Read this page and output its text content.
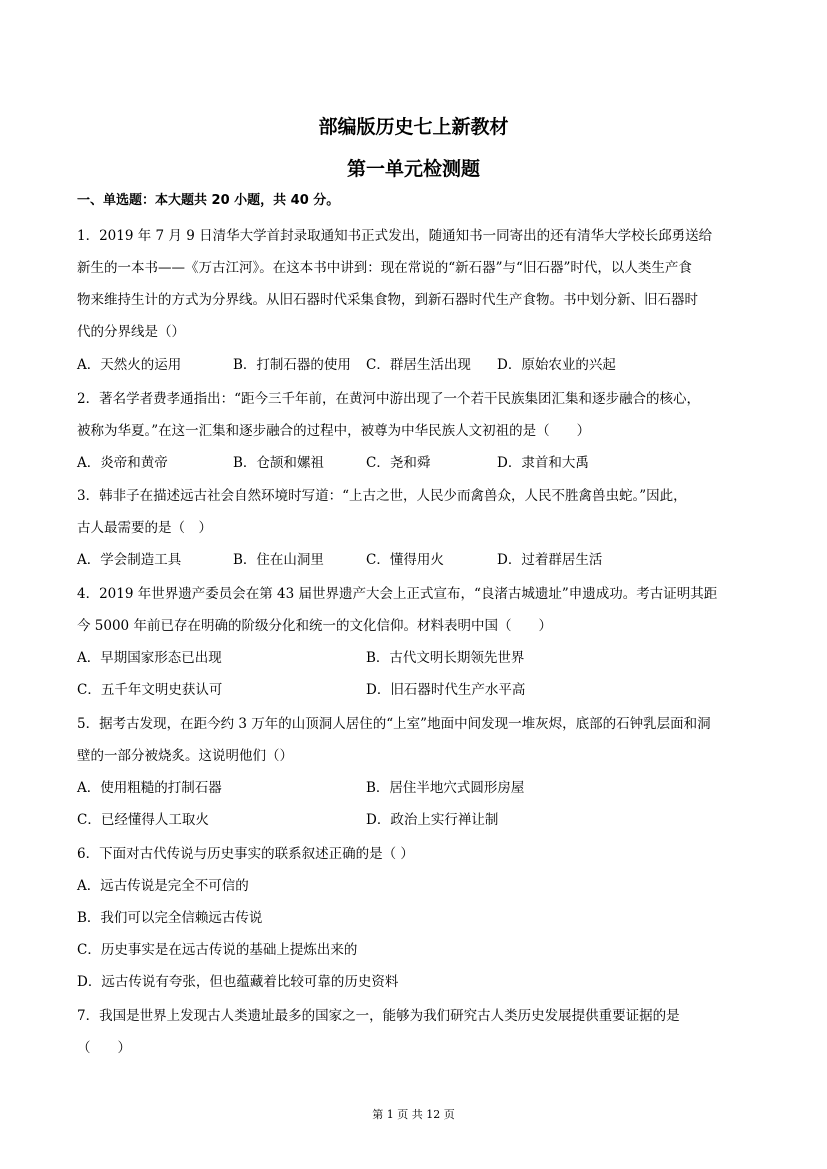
部编版历史七上新教材
第一单元检测题
一、单选题：本大题共 20 小题，共 40 分。
1．2019 年 7 月 9 日清华大学首封录取通知书正式发出，随通知书一同寄出的还有清华大学校长邱勇送给
新生的一本书——《万古江河》。在这本书中讲到：现在常说的“新石器”与“旧石器”时代，以人类生产食
物来维持生计的方式为分界线。从旧石器时代采集食物，到新石器时代生产食物。书中划分新、旧石器时
代的分界线是（）
A．天然火的运用	B．打制石器的使用 C．群居生活出现 D．原始农业的兴起
2．著名学者费孝通指出：“距今三千年前，在黄河中游出现了一个若干民族集团汇集和逐步融合的核心，
被称为华夏。”在这一汇集和逐步融合的过程中，被尊为中华民族人文初祖的是（　　）
A．炎帝和黄帝	B．仓颉和嫘祖	C．尧和舜	D．隶首和大禹
3．韩非子在描述远古社会自然环境时写道：“上古之世，人民少而禽兽众，人民不胜禽兽虫蛇。”因此，
古人最需要的是（　）
A．学会制造工具	B．住在山洞里	C．懂得用火	D．过着群居生活
4．2019 年世界遗产委员会在第 43 届世界遗产大会上正式宣布，“良渚古城遗址”申遗成功。考古证明其距
今 5000 年前已存在明确的阶级分化和统一的文化信仰。材料表明中国（　　）
A．早期国家形态已出现	B．古代文明长期领先世界
C．五千年文明史获认可	D．旧石器时代生产水平高
5．据考古发现，在距今约 3 万年的山顶洞人居住的“上室”地面中间发现一堆灰烬，底部的石钟乳层面和洞
壁的一部分被烧炙。这说明他们（）
A．使用粗糙的打制石器	B．居住半地穴式圆形房屋
C．已经懂得人工取火	D．政治上实行禅让制
6．下面对古代传说与历史事实的联系叙述正确的是（ ）
A．远古传说是完全不可信的
B．我们可以完全信赖远古传说
C．历史事实是在远古传说的基础上提炼出来的
D．远古传说有夸张，但也蕴藏着比较可靠的历史资料
7．我国是世界上发现古人类遗址最多的国家之一，能够为我们研究古人类历史发展提供重要证据的是
（　　）
第 1 页 共 12 页
